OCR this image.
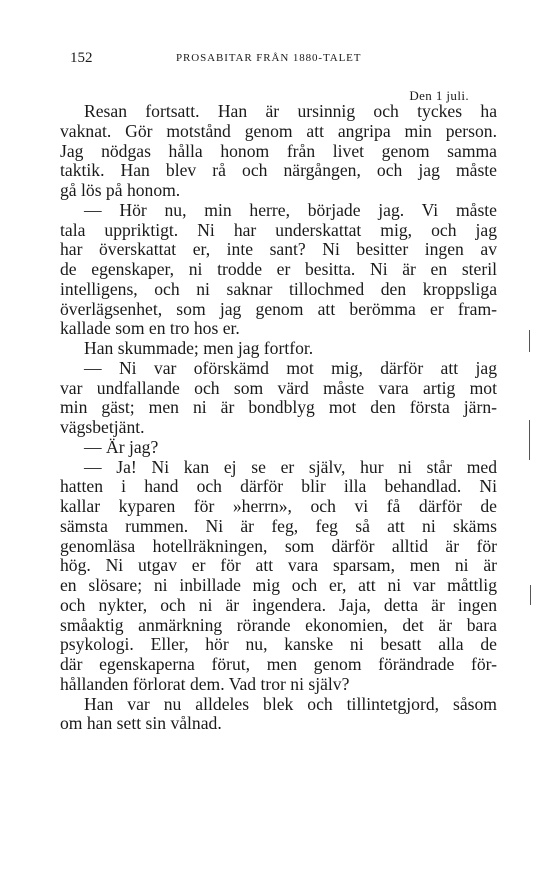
152	PROSABITAR FRÅN 1880-TALET
Den 1 juli.
Resan fortsatt. Han är ursinnig och tyckes ha
vaknat. Gör motstånd genom att angripa min person.
Jag nödgas hålla honom från livet genom samma
taktik. Han blev rå och närgången, och jag måste
gå lös på honom.
— Hör nu, min herre, började jag. Vi måste
tala uppriktigt. Ni har underskattat mig, och jag
har överskattat er, inte sant? Ni besitter ingen av
de egenskaper, ni trodde er besitta. Ni är en steril
intelligens, och ni saknar tillochmed den kroppsliga
överlägsenhet, som jag genom att berömma er fram-
kallade som en tro hos er.
Han skummade; men jag fortfor.
— Ni var oförskämd mot mig, därför att jag
var undfallande och som värd måste vara artig mot
min gäst; men ni är bondblyg mot den första järn-
vägsbetjänt.
— Är jag?
— Ja! Ni kan ej se er själv, hur ni står med
hatten i hand och därför blir illa behandlad. Ni
kallar kyparen för »herrn», och vi få därför de
sämsta rummen. Ni är feg, feg så att ni skäms
genomläsa hotellräkningen, som därför alltid är för
hög. Ni utgav er för att vara sparsam, men ni är
en slösare; ni inbillade mig och er, att ni var måttlig
och nykter, och ni är ingendera. Jaja, detta är ingen
småaktig anmärkning rörande ekonomien, det är bara
psykologi. Eller, hör nu, kanske ni besatt alla de
där egenskaperna förut, men genom förändrade för-
hållanden förlorat dem. Vad tror ni själv?
Han var nu alldeles blek och tillintetgjord, såsom
om han sett sin vålnad.
